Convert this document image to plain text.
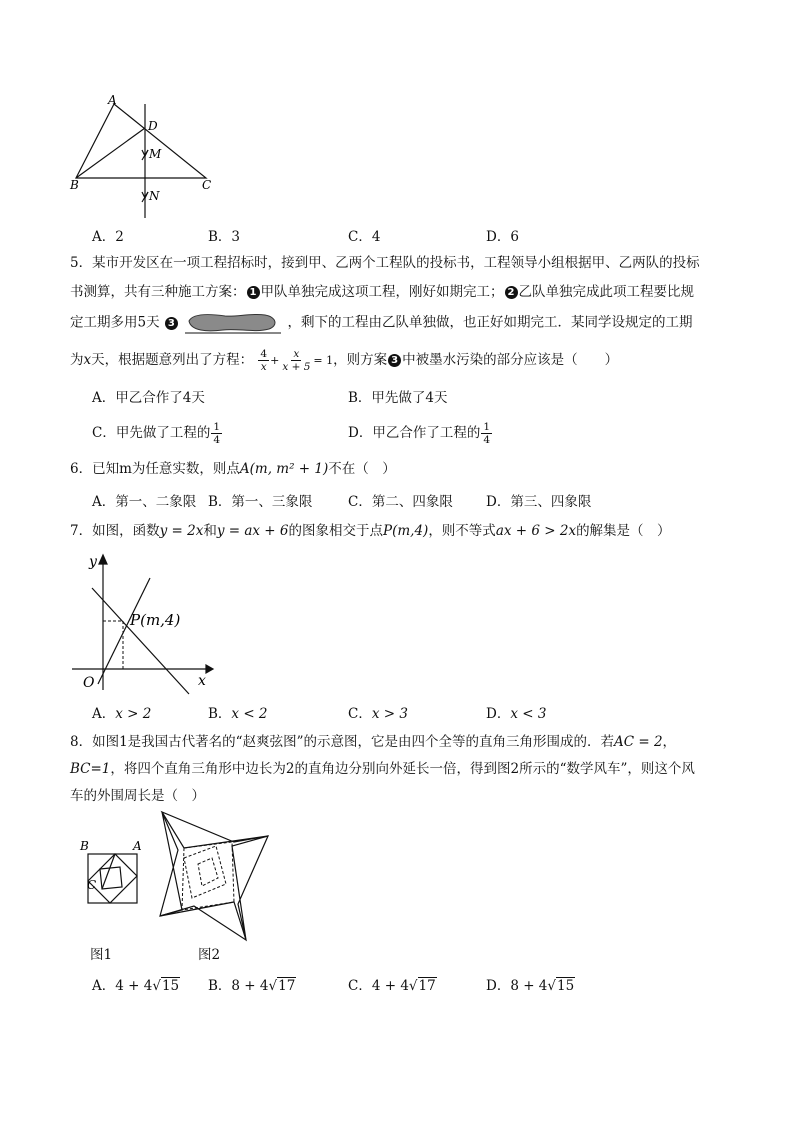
A
D
M
B	C
N
A．2	B．3	C．4	D．6
5．某市开发区在一项工程招标时，接到甲、乙两个工程队的投标书，工程领导小组根据甲、乙两队的投标
书测算，共有三种施工方案： 1 甲队单独完成这项工程，刚好如期完工； 2 乙队单独完成此项工程要比规
定工期多用5天 3	，剩下的工程由乙队单独做，也正好如期完工．某同学设规定的工期
为x天，根据题意列出了方程： $\frac{4}{x} + \frac{x}{x + 5} = 1$，则方案 3 中被墨水污染的部分应该是（　　）
A．甲乙合作了4天	B．甲先做了4天
C．甲先做了工程的 $\frac{1}{4}$	D．甲乙合作了工程的 $\frac{1}{4}$
6．已知m为任意实数，则点A(m, m² + 1)不在（　）
A．第一、二象限 B．第一、三象限	C．第二、四象限 D．第三、四象限
7．如图，函数y = 2x和y = ax + 6的图象相交于点P(m,4)，则不等式ax + 6 > 2x的解集是（　）
y
x
O
P(m,4)
A．x > 2	B．x < 2	C．x > 3	D．x < 3
8．如图1是我国古代著名的“赵爽弦图”的示意图，它是由四个全等的直角三角形围成的．若AC = 2，
BC=1，将四个直角三角形中边长为2的直角边分别向外延长一倍，得到图2所示的“数学风车”，则这个风
车的外围周长是（　）
B	A
C
图1	图2
A．4 + 4√15 B．8 + 4√17	C．4 + 4√17	D．8 + 4√15
